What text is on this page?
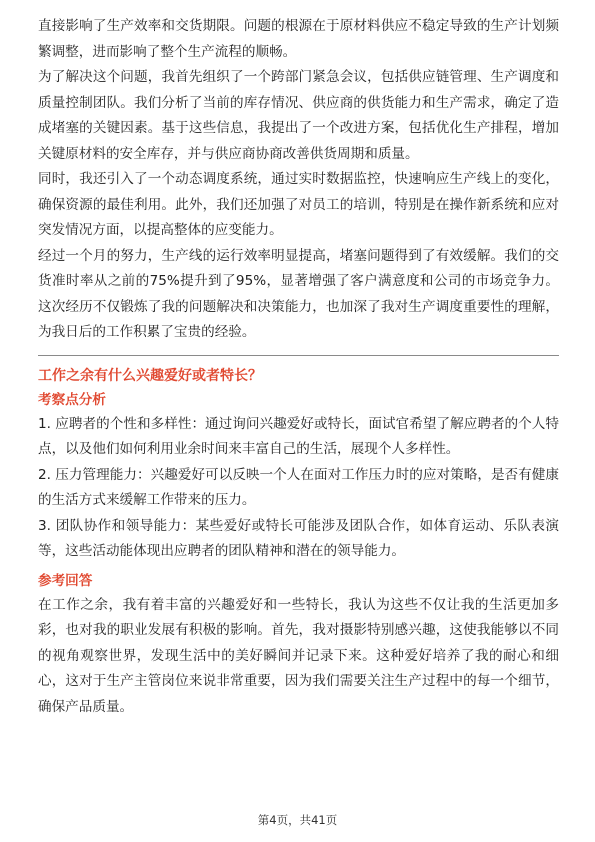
直接影响了生产效率和交货期限。问题的根源在于原材料供应不稳定导致的生产计划频繁调整，进而影响了整个生产流程的顺畅。

为了解决这个问题，我首先组织了一个跨部门紧急会议，包括供应链管理、生产调度和质量控制团队。我们分析了当前的库存情况、供应商的供货能力和生产需求，确定了造成堵塞的关键因素。基于这些信息，我提出了一个改进方案，包括优化生产排程，增加关键原材料的安全库存，并与供应商协商改善供货周期和质量。

同时，我还引入了一个动态调度系统，通过实时数据监控，快速响应生产线上的变化，确保资源的最佳利用。此外，我们还加强了对员工的培训，特别是在操作新系统和应对突发情况方面，以提高整体的应变能力。

经过一个月的努力，生产线的运行效率明显提高，堵塞问题得到了有效缓解。我们的交货准时率从之前的75%提升到了95%，显著增强了客户满意度和公司的市场竞争力。这次经历不仅锻炼了我的问题解决和决策能力，也加深了我对生产调度重要性的理解，为我日后的工作积累了宝贵的经验。

工作之余有什么兴趣爱好或者特长？

考察点分析

1. 应聘者的个性和多样性：通过询问兴趣爱好或特长，面试官希望了解应聘者的个人特点，以及他们如何利用业余时间来丰富自己的生活，展现个人多样性。

2. 压力管理能力：兴趣爱好可以反映一个人在面对工作压力时的应对策略，是否有健康的生活方式来缓解工作带来的压力。

3. 团队协作和领导能力：某些爱好或特长可能涉及团队合作，如体育运动、乐队表演等，这些活动能体现出应聘者的团队精神和潜在的领导能力。

参考回答

在工作之余，我有着丰富的兴趣爱好和一些特长，我认为这些不仅让我的生活更加多彩，也对我的职业发展有积极的影响。首先，我对摄影特别感兴趣，这使我能够以不同的视角观察世界，发现生活中的美好瞬间并记录下来。这种爱好培养了我的耐心和细心，这对于生产主管岗位来说非常重要，因为我们需要关注生产过程中的每一个细节，确保产品质量。

第4页，共41页
